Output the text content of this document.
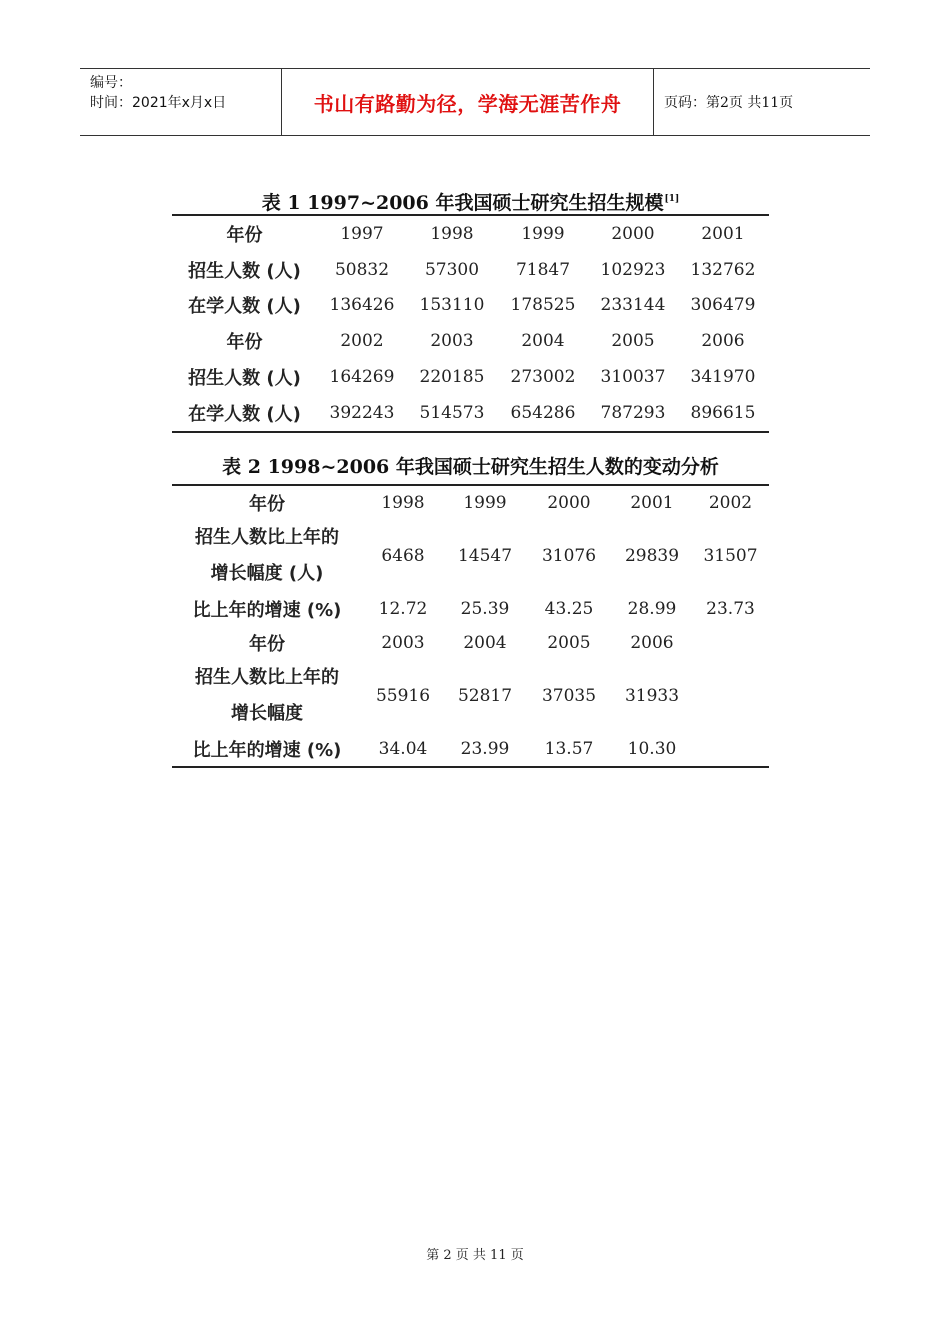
编号：
时间：2021年x月x日	书山有路勤为径，学海无涯苦作舟	页码：第2页 共11页
表 1 1997~2006 年我国硕士研究生招生规模[1]
年份	1997	1998	1999	2000	2001
招生人数 (人)	50832	57300	71847	102923	132762
在学人数 (人)	136426	153110	178525	233144	306479
年份	2002	2003	2004	2005	2006
招生人数 (人)	164269	220185	273002	310037	341970
在学人数 (人)	392243	514573	654286	787293	896615
表 2 1998~2006 年我国硕士研究生招生人数的变动分析
年份	1998	1999	2000	2001	2002

招生人数比上年的
增长幅度 (人)	6468	14547	31076	29839	31507
比上年的增速 (%)	12.72	25.39	43.25	28.99	23.73
年份	2003	2004	2005	2006	

招生人数比上年的
增长幅度	55916	52817	37035	31933	
比上年的增速 (%)	34.04	23.99	13.57	10.30	
第 2 页 共 11 页
